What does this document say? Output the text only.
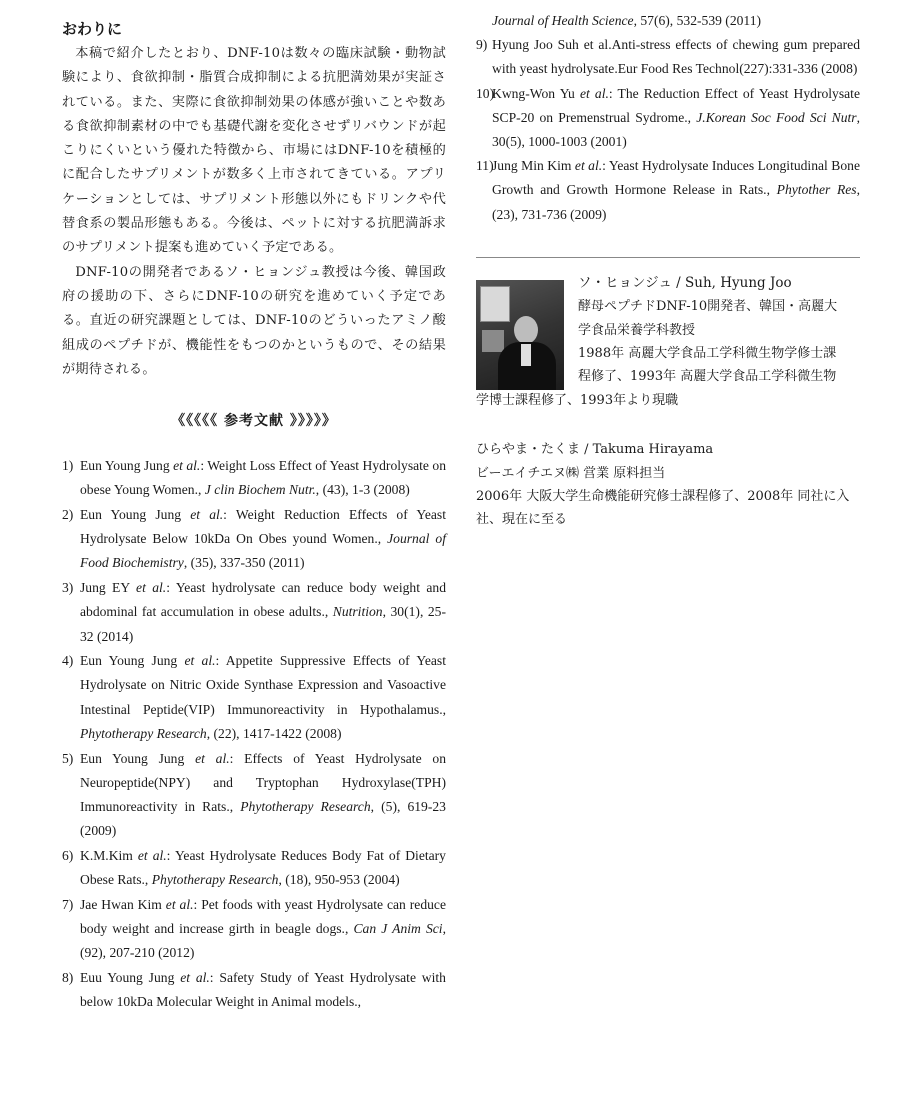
おわりに

本稿で紹介したとおり、DNF-10は数々の臨床試験・動物試験により、食欲抑制・脂質合成抑制による抗肥満効果が実証されている。また、実際に食欲抑制効果の体感が強いことや数ある食欲抑制素材の中でも基礎代謝を変化させずリバウンドが起こりにくいという優れた特徴から、市場にはDNF-10を積極的に配合したサプリメントが数多く上市されてきている。アプリケーションとしては、サプリメント形態以外にもドリンクや代替食系の製品形態もある。今後は、ペットに対する抗肥満訴求のサプリメント提案も進めていく予定である。

DNF-10の開発者であるソ・ヒョンジュ教授は今後、韓国政府の援助の下、さらにDNF-10の研究を進めていく予定である。直近の研究課題としては、DNF-10のどういったアミノ酸組成のペプチドが、機能性をもつのかというもので、その結果が期待される。

《《《《《 参考文献 》》》》》
1) Eun Young Jung et al.: Weight Loss Effect of Yeast Hydrolysate on obese Young Women., J clin Biochem Nutr., (43), 1-3 (2008)
2) Eun Young Jung et al.: Weight Reduction Effects of Yeast Hydrolysate Below 10kDa On Obes yound Women., Journal of Food Biochemistry, (35), 337-350 (2011)
3) Jung EY et al.: Yeast hydrolysate can reduce body weight and abdominal fat accumulation in obese adults., Nutrition, 30(1), 25-32 (2014)
4) Eun Young Jung et al.: Appetite Suppressive Effects of Yeast Hydrolysate on Nitric Oxide Synthase Expression and Vasoactive Intestinal Peptide(VIP) Immunoreactivity in Hypothalamus., Phytotherapy Research, (22), 1417-1422 (2008)
5) Eun Young Jung et al.: Effects of Yeast Hydrolysate on Neuropeptide(NPY) and Tryptophan Hydroxylase(TPH) Immunoreactivity in Rats., Phytotherapy Research, (5), 619-23 (2009)
6) K.M.Kim et al.: Yeast Hydrolysate Reduces Body Fat of Dietary Obese Rats., Phytotherapy Research, (18), 950-953 (2004)
7) Jae Hwan Kim et al.: Pet foods with yeast Hydrolysate can reduce body weight and increase girth in beagle dogs., Can J Anim Sci, (92), 207-210 (2012)
8) Euu Young Jung et al.: Safety Study of Yeast Hydrolysate with below 10kDa Molecular Weight in Animal models.,
Journal of Health Science, 57(6), 532-539 (2011)
9) Hyung Joo Suh et al.Anti-stress effects of chewing gum prepared with yeast hydrolysate.Eur Food Res Technol(227):331-336 (2008)
10)Kwng-Won Yu et al.: The Reduction Effect of Yeast Hydrolysate SCP-20 on Premenstrual Sydrome., J.Korean Soc Food Sci Nutr, 30(5), 1000-1003 (2001)
11)Jung Min Kim et al.: Yeast Hydrolysate Induces Longitudinal Bone Growth and Growth Hormone Release in Rats., Phytother Res, (23), 731-736 (2009)
ソ・ヒョンジュ / Suh, Hyung Joo
酵母ペプチドDNF-10開発者、韓国・高麗大
学食品栄養学科教授
1988年 高麗大学食品工学科微生物学修士課
程修了、1993年 高麗大学食品工学科微生物
学博士課程修了、1993年より現職
ひらやま・たくま / Takuma Hirayama
ビーエイチエヌ㈱ 営業 原料担当
2006年 大阪大学生命機能研究修士課程修了、2008年 同社に入社、現在に至る
